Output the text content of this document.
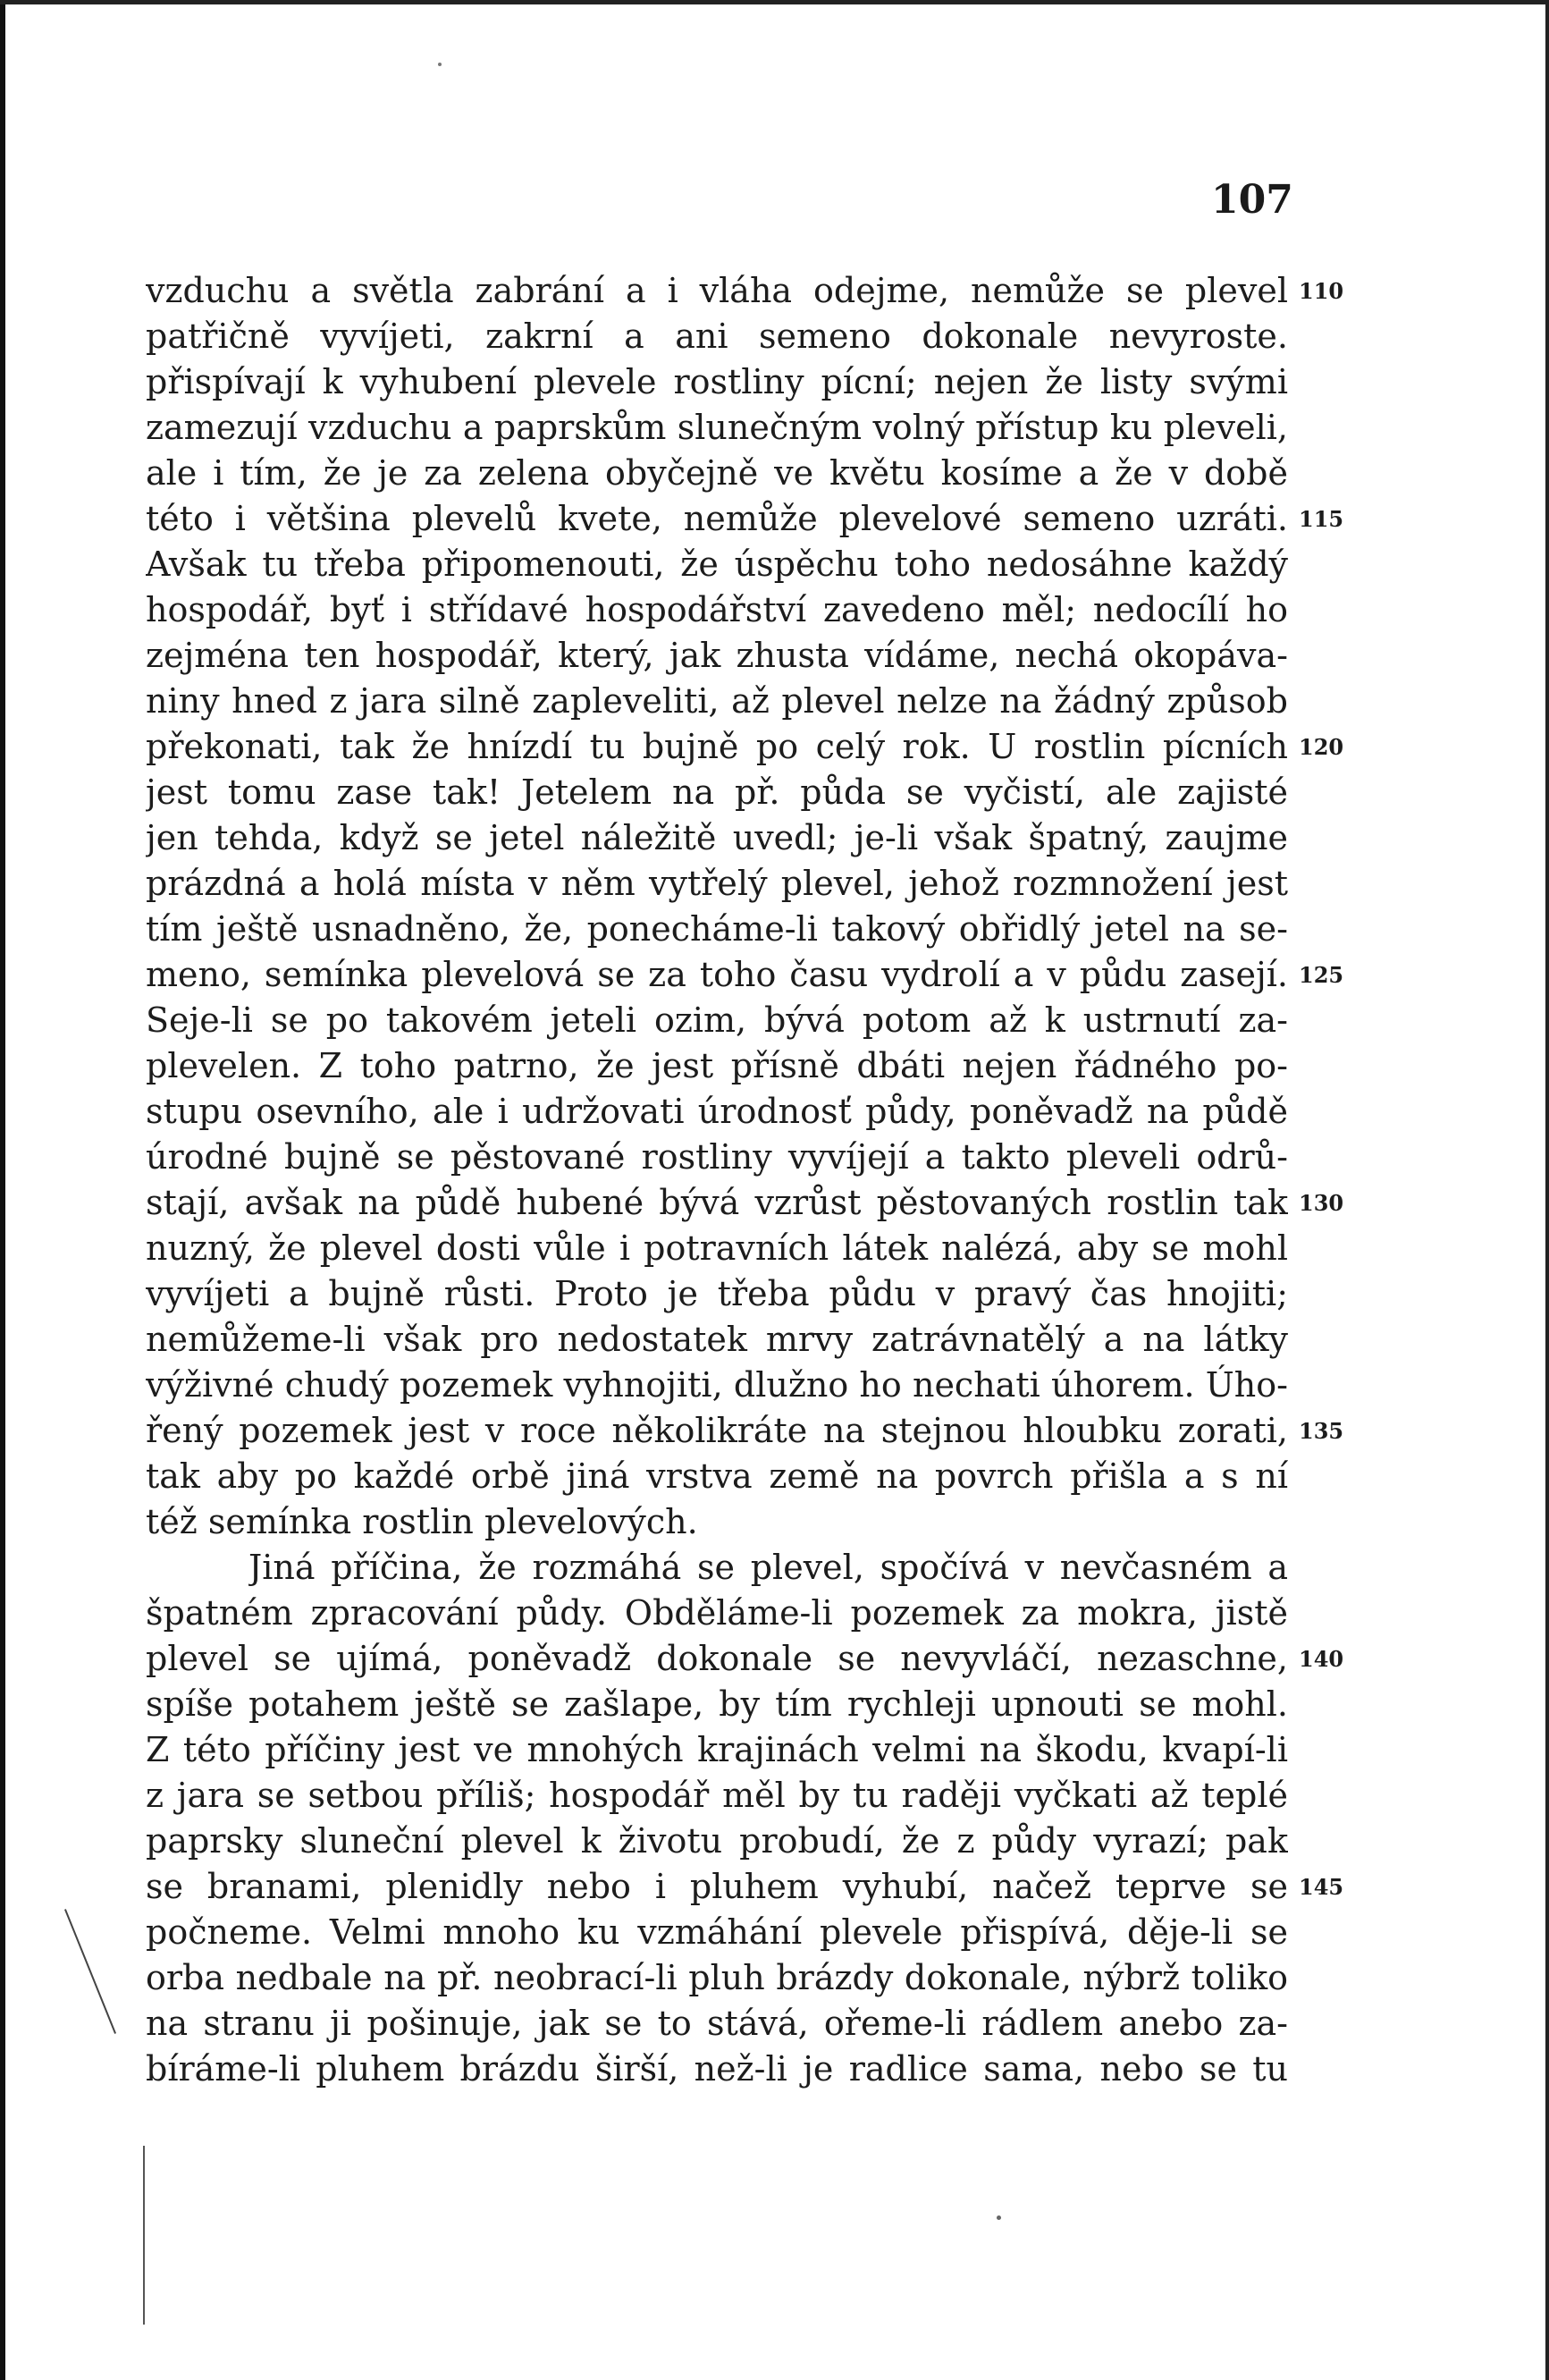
107
vzduchu a světla zabrání a i vláha odejme, nemůže se plevel 110
patřičně vyvíjeti, zakrní a ani semeno dokonale nevyroste.
přispívají k vyhubení plevele rostliny pícní; nejen že listy svými
zamezují vzduchu a paprskům slunečným volný přístup ku pleveli,
ale i tím, že je za zelena obyčejně ve květu kosíme a že v době
této i většina plevelů kvete, nemůže plevelové semeno uzráti. 115
Avšak tu třeba připomenouti, že úspěchu toho nedosáhne každý
hospodář, byť i střídavé hospodářství zavedeno měl; nedocílí ho
zejména ten hospodář, který, jak zhusta vídáme, nechá okopáva-
niny hned z jara silně zapleveliti, až plevel nelze na žádný způsob
překonati, tak že hnízdí tu bujně po celý rok. U rostlin pícních 120
jest tomu zase tak! Jetelem na př. půda se vyčistí, ale zajisté
jen tehda, když se jetel náležitě uvedl; je-li však špatný, zaujme
prázdná a holá místa v něm vytřelý plevel, jehož rozmnožení jest
tím ještě usnadněno, že, ponecháme-li takový obřidlý jetel na se-
meno, semínka plevelová se za toho času vydrolí a v půdu zasejí. 125
Seje-li se po takovém jeteli ozim, bývá potom až k ustrnutí za-
plevelen. Z toho patrno, že jest přísně dbáti nejen řádného po-
stupu osevního, ale i udržovati úrodnosť půdy, poněvadž na půdě
úrodné bujně se pěstované rostliny vyvíjejí a takto pleveli odrů-
stají, avšak na půdě hubené bývá vzrůst pěstovaných rostlin tak 130
nuzný, že plevel dosti vůle i potravních látek nalézá, aby se mohl
vyvíjeti a bujně růsti. Proto je třeba půdu v pravý čas hnojiti;
nemůžeme-li však pro nedostatek mrvy zatrávnatělý a na látky
výživné chudý pozemek vyhnojiti, dlužno ho nechati úhorem. Úho-
řený pozemek jest v roce několikráte na stejnou hloubku zorati, 135
tak aby po každé orbě jiná vrstva země na povrch přišla a s ní
též semínka rostlin plevelových.
Jiná příčina, že rozmáhá se plevel, spočívá v nevčasném a
špatném zpracování půdy. Obděláme-li pozemek za mokra, jistě
plevel se ujímá, poněvadž dokonale se nevyvláčí, nezaschne, 140
spíše potahem ještě se zašlape, by tím rychleji upnouti se mohl.
Z této příčiny jest ve mnohých krajinách velmi na škodu, kvapí-li
z jara se setbou příliš; hospodář měl by tu raději vyčkati až teplé
paprsky sluneční plevel k životu probudí, že z půdy vyrazí; pak
se branami, plenidly nebo i pluhem vyhubí, načež teprve se 145
počneme. Velmi mnoho ku vzmáhání plevele přispívá, děje-li se
orba nedbale na př. neobrací-li pluh brázdy dokonale, nýbrž toliko
na stranu ji pošinuje, jak se to stává, ořeme-li rádlem anebo za-
bíráme-li pluhem brázdu širší, než-li je radlice sama, nebo se tu
